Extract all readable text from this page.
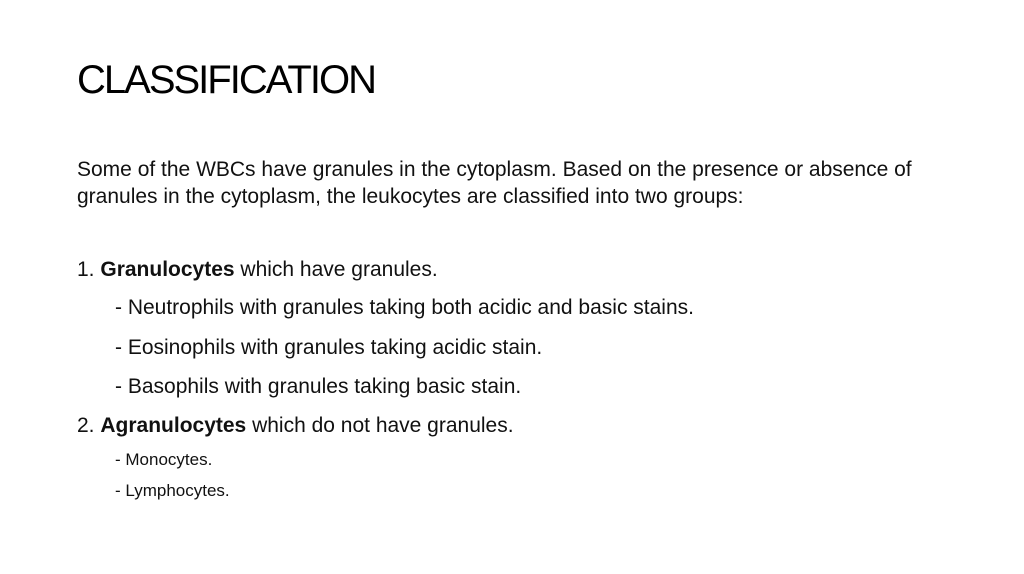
CLASSIFICATION

Some of the WBCs have granules in the cytoplasm. Based on the presence or absence of granules in the cytoplasm, the leukocytes are classified into two groups:

1. Granulocytes which have granules.

- Neutrophils with granules taking both acidic and basic stains.

- Eosinophils with granules taking acidic stain.

- Basophils with granules taking basic stain.

2. Agranulocytes which do not have granules.

- Monocytes.

- Lymphocytes.
